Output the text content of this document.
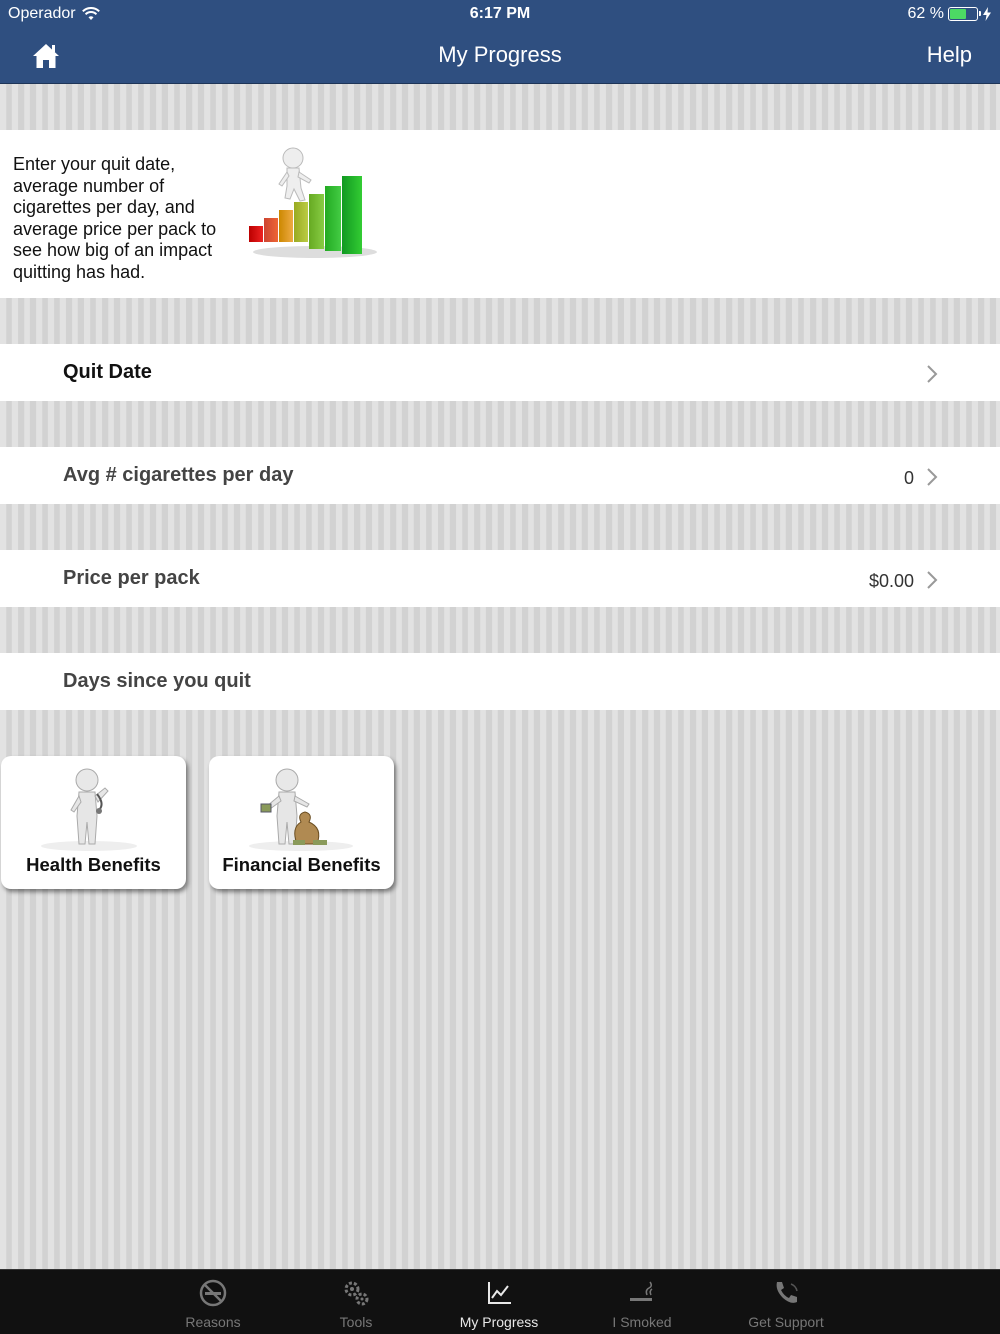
Operador	6:17 PM	62 %
My Progress	Help
Enter your quit date, average number of cigarettes per day, and average price per pack to see how big of an impact quitting has had.
Quit Date
Avg # cigarettes per day	0
Price per pack	$0.00
Days since you quit
Health Benefits	Financial Benefits
Reasons	Tools	My Progress	I Smoked	Get Support
